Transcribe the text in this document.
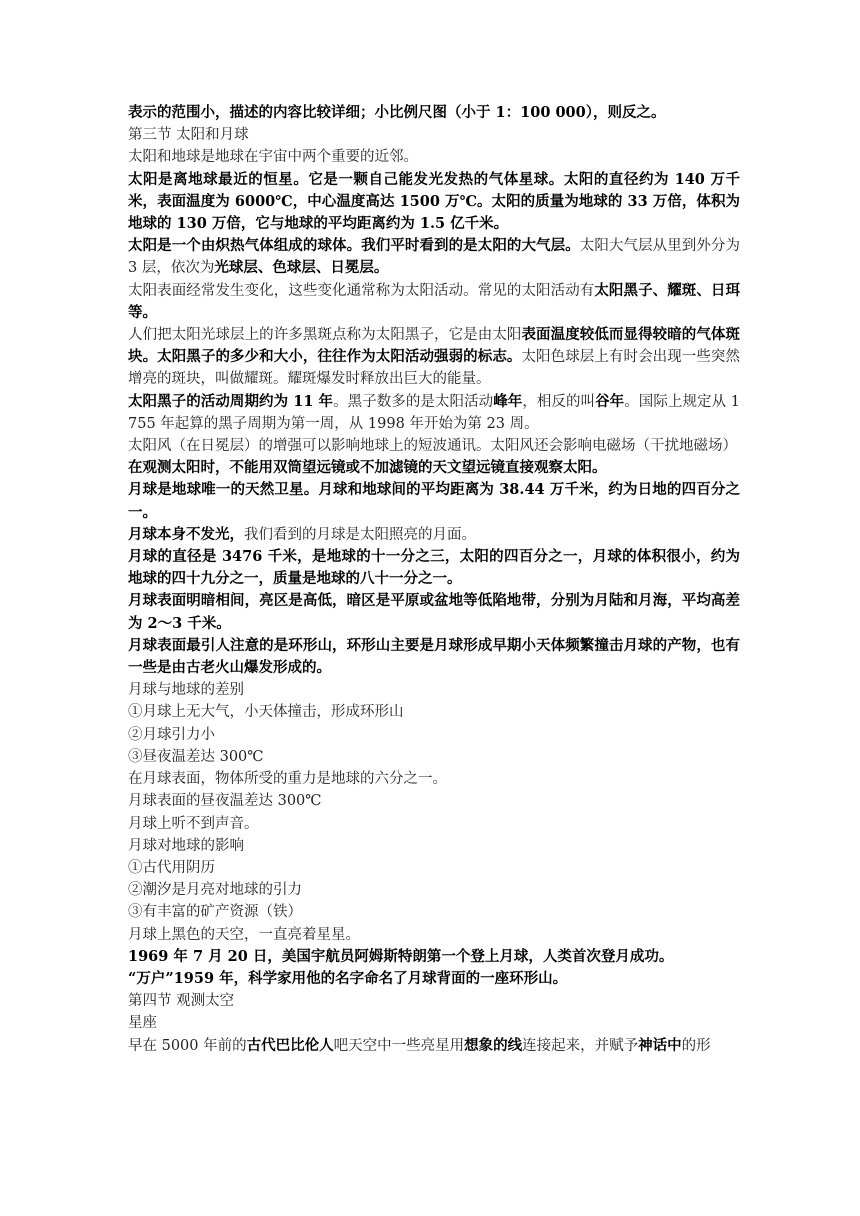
表示的范围小，描述的内容比较详细；小比例尺图（小于 1：100 000），则反之。

第三节 太阳和月球

太阳和地球是地球在宇宙中两个重要的近邻。

太阳是离地球最近的恒星。它是一颗自己能发光发热的气体星球。太阳的直径约为 140 万千米，表面温度为 6000℃，中心温度高达 1500 万℃。太阳的质量为地球的 33 万倍，体积为地球的 130 万倍，它与地球的平均距离约为 1.5 亿千米。

太阳是一个由炽热气体组成的球体。我们平时看到的是太阳的大气层。太阳大气层从里到外分为 3 层，依次为光球层、色球层、日冕层。

太阳表面经常发生变化，这些变化通常称为太阳活动。常见的太阳活动有太阳黑子、耀斑、日珥等。

人们把太阳光球层上的许多黑斑点称为太阳黑子，它是由太阳表面温度较低而显得较暗的气体斑块。太阳黑子的多少和大小，往往作为太阳活动强弱的标志。太阳色球层上有时会出现一些突然增亮的斑块，叫做耀斑。耀斑爆发时释放出巨大的能量。

太阳黑子的活动周期约为 11 年。黑子数多的是太阳活动峰年，相反的叫谷年。国际上规定从 1755 年起算的黑子周期为第一周，从 1998 年开始为第 23 周。

太阳风（在日冕层）的增强可以影响地球上的短波通讯。太阳风还会影响电磁场（干扰地磁场）

在观测太阳时，不能用双筒望远镜或不加滤镜的天文望远镜直接观察太阳。

月球是地球唯一的天然卫星。月球和地球间的平均距离为 38.44 万千米，约为日地的四百分之一。

月球本身不发光，我们看到的月球是太阳照亮的月面。

月球的直径是 3476 千米，是地球的十一分之三，太阳的四百分之一，月球的体积很小，约为地球的四十九分之一，质量是地球的八十一分之一。

月球表面明暗相间，亮区是高低，暗区是平原或盆地等低陷地带，分别为月陆和月海，平均高差为 2～3 千米。

月球表面最引人注意的是环形山，环形山主要是月球形成早期小天体频繁撞击月球的产物，也有一些是由古老火山爆发形成的。

月球与地球的差别

①月球上无大气，小天体撞击，形成环形山

②月球引力小

③昼夜温差达 300℃

在月球表面，物体所受的重力是地球的六分之一。

月球表面的昼夜温差达 300℃

月球上听不到声音。

月球对地球的影响

①古代用阴历

②潮汐是月亮对地球的引力

③有丰富的矿产资源（铁）

月球上黑色的天空，一直亮着星星。

1969 年 7 月 20 日，美国宇航员阿姆斯特朗第一个登上月球，人类首次登月成功。

“万户”1959 年，科学家用他的名字命名了月球背面的一座环形山。

第四节 观测太空

星座

早在 5000 年前的古代巴比伦人吧天空中一些亮星用想象的线连接起来，并赋予神话中的形
